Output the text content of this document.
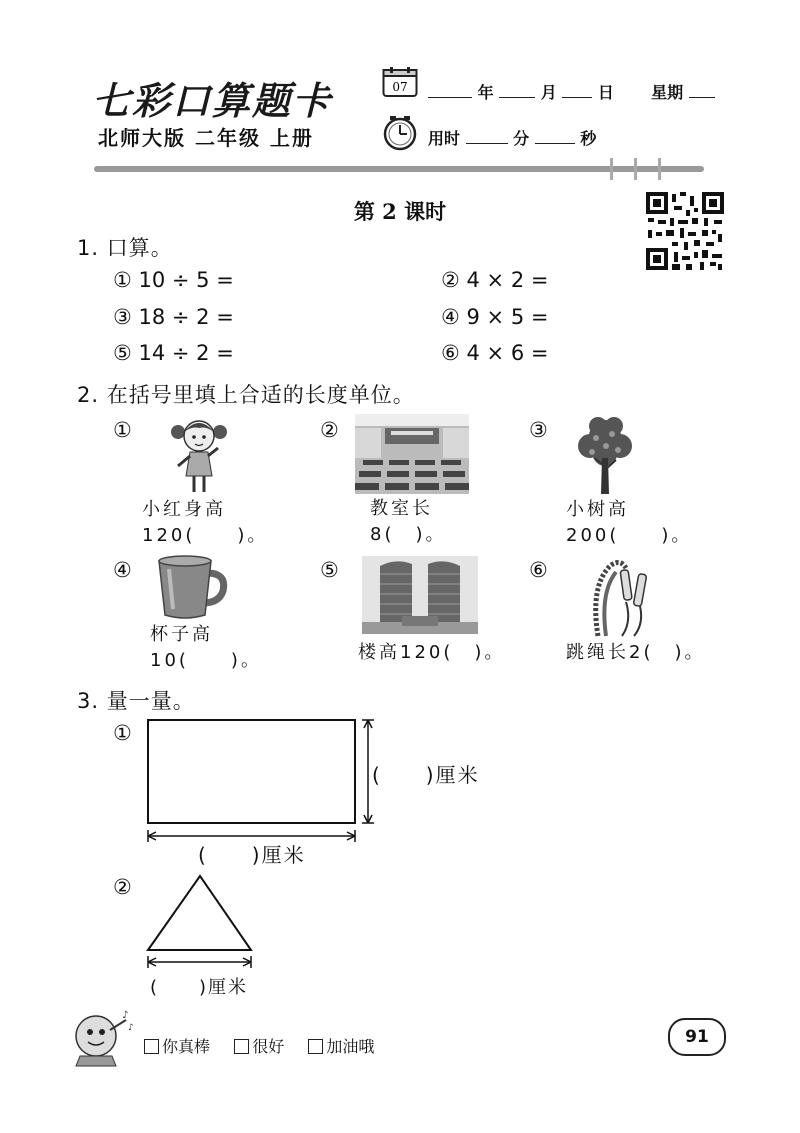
七彩口算题卡
北师大版 二年级 上册
07	年	月	日 星期
用时	分	秒
第 2 课时
1. 口算。
① 10 ÷ 5 =	② 4 × 2 =
③ 18 ÷ 2 =	④ 9 × 5 =
⑤ 14 ÷ 2 =	⑥ 4 × 6 =
2. 在括号里填上合适的长度单位。
①
小红身高
120(　　)。
②
教室长
8(　)。
③
小树高
200(　　)。
④
杯子高
10(　　)。
⑤
楼高120(　)。
⑥
跳绳长2(　)。
3. 量一量。
①
(　　)厘米
(　　)厘米
②
(　　)厘米
♪
♪
你真棒	很好	加油哦	91
